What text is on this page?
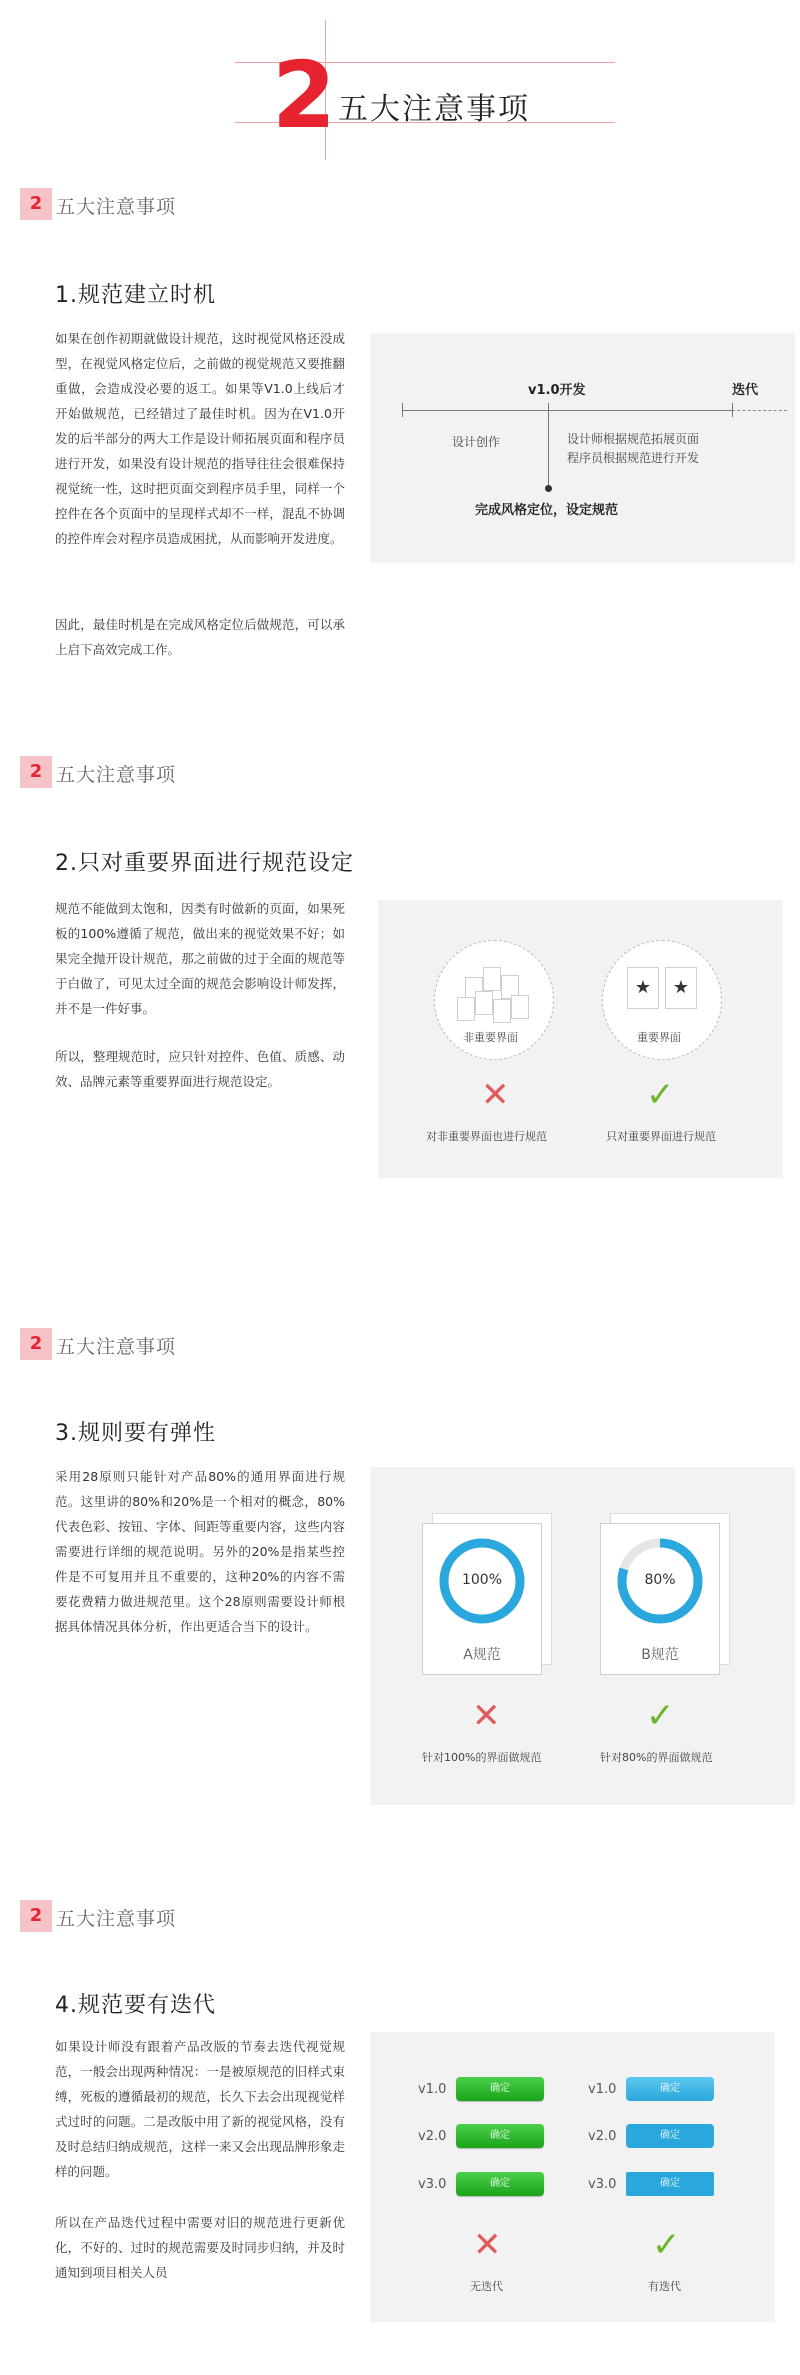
2 五大注意事项
2 五大注意事项
1.规范建立时机
如果在创作初期就做设计规范，这时视觉风格还没成型，在视觉风格定位后，之前做的视觉规范又要推翻重做，会造成没必要的返工。如果等V1.0上线后才开始做规范，已经错过了最佳时机。因为在V1.0开发的后半部分的两大工作是设计师拓展页面和程序员进行开发，如果没有设计规范的指导往往会很难保持视觉统一性，这时把页面交到程序员手里，同样一个控件在各个页面中的呈现样式却不一样，混乱不协调的控件库会对程序员造成困扰，从而影响开发进度。
因此，最佳时机是在完成风格定位后做规范，可以承上启下高效完成工作。
v1.0开发	迭代
设计创作	设计师根据规范拓展页面
程序员根据规范进行开发
完成风格定位，设定规范
2 五大注意事项
2.只对重要界面进行规范设定
规范不能做到太饱和，因类有时做新的页面，如果死板的100%遵循了规范，做出来的视觉效果不好；如果完全抛开设计规范，那之前做的过于全面的规范等于白做了，可见太过全面的规范会影响设计师发挥，并不是一件好事。
所以，整理规范时，应只针对控件、色值、质感、动效、品牌元素等重要界面进行规范设定。
非重要界面
★	★
重要界面
✕	✓
对非重要界面也进行规范	只对重要界面进行规范
2 五大注意事项
3.规则要有弹性
采用28原则只能针对产品80%的通用界面进行规范。这里讲的80%和20%是一个相对的概念，80%代表色彩、按钮、字体、间距等重要内容，这些内容需要进行详细的规范说明。另外的20%是指某些控件是不可复用并且不重要的，这种20%的内容不需要花费精力做进规范里。这个28原则需要设计师根据具体情况具体分析，作出更适合当下的设计。
100%
A规范
80%
B规范
✕	✓
针对100%的界面做规范	针对80%的界面做规范
2 五大注意事项
4.规范要有迭代
如果设计师没有跟着产品改版的节奏去迭代视觉规范，一般会出现两种情况：一是被原规范的旧样式束缚，死板的遵循最初的规范，长久下去会出现视觉样式过时的问题。二是改版中用了新的视觉风格，没有及时总结归纳成规范，这样一来又会出现品牌形象走样的问题。
所以在产品迭代过程中需要对旧的规范进行更新优化，不好的、过时的规范需要及时同步归纳，并及时通知到项目相关人员
v1.0	确定
v2.0	确定
v3.0	确定
v1.0	确定
v2.0	确定
v3.0	确定
✕	✓
无迭代	有迭代
